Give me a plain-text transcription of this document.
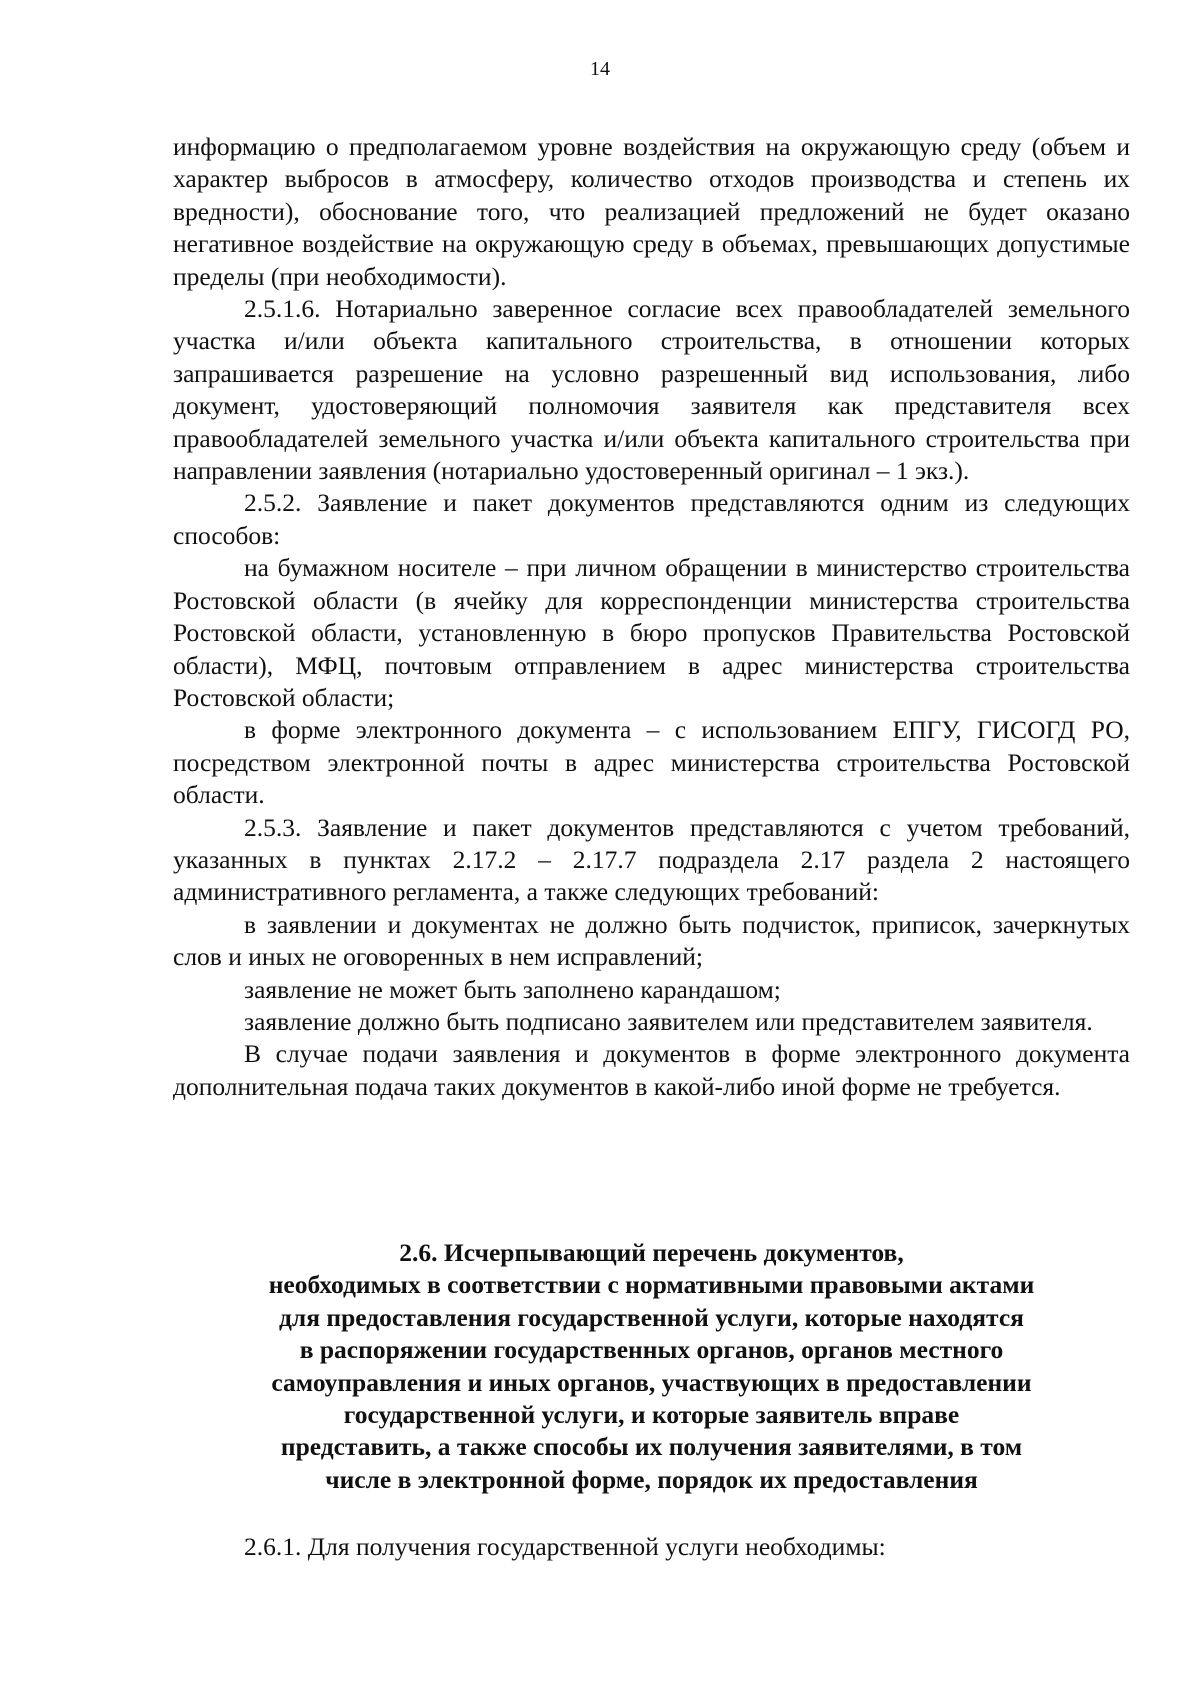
14

информацию о предполагаемом уровне воздействия на окружающую среду (объем и характер выбросов в атмосферу, количество отходов производства и степень их вредности), обоснование того, что реализацией предложений не будет оказано негативное воздействие на окружающую среду в объемах, превышающих допустимые пределы (при необходимости).

2.5.1.6. Нотариально заверенное согласие всех правообладателей земельного участка и/или объекта капитального строительства, в отношении которых запрашивается разрешение на условно разрешенный вид использования, либо документ, удостоверяющий полномочия заявителя как представителя всех правообладателей земельного участка и/или объекта капитального строительства при направлении заявления (нотариально удостоверенный оригинал – 1 экз.).

2.5.2. Заявление и пакет документов представляются одним из следующих способов:

на бумажном носителе – при личном обращении в министерство строительства Ростовской области (в ячейку для корреспонденции министерства строительства Ростовской области, установленную в бюро пропусков Правительства Ростовской области), МФЦ, почтовым отправлением в адрес министерства строительства Ростовской области;

в форме электронного документа – с использованием ЕПГУ, ГИСОГД РО, посредством электронной почты в адрес министерства строительства Ростовской области.

2.5.3. Заявление и пакет документов представляются с учетом требований, указанных в пунктах 2.17.2 – 2.17.7 подраздела 2.17 раздела 2 настоящего административного регламента, а также следующих требований:

в заявлении и документах не должно быть подчисток, приписок, зачеркнутых слов и иных не оговоренных в нем исправлений;

заявление не может быть заполнено карандашом;

заявление должно быть подписано заявителем или представителем заявителя.

В случае подачи заявления и документов в форме электронного документа дополнительная подача таких документов в какой-либо иной форме не требуется.

2.6. Исчерпывающий перечень документов,
необходимых в соответствии с нормативными правовыми актами
для предоставления государственной услуги, которые находятся
в распоряжении государственных органов, органов местного
самоуправления и иных органов, участвующих в предоставлении
государственной услуги, и которые заявитель вправе
представить, а также способы их получения заявителями, в том
числе в электронной форме, порядок их предоставления
2.6.1. Для получения государственной услуги необходимы:
